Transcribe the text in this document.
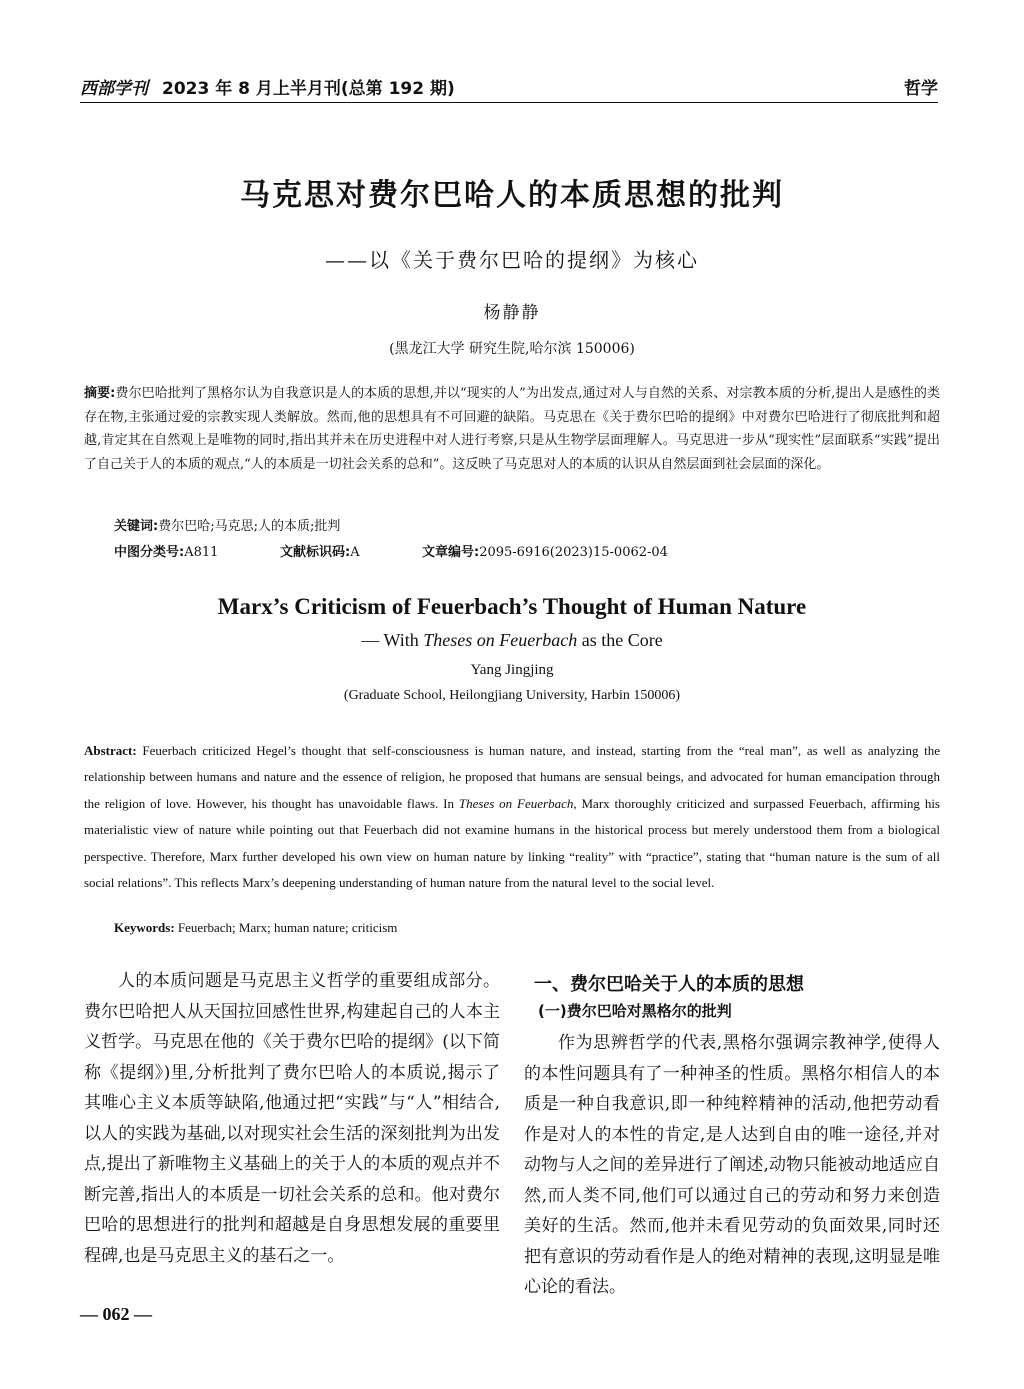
西部学刊 2023 年 8 月上半月刊(总第 192 期)	哲学
马克思对费尔巴哈人的本质思想的批判
——以《关于费尔巴哈的提纲》为核心
杨静静
(黑龙江大学 研究生院,哈尔滨 150006)
摘要:费尔巴哈批判了黑格尔认为自我意识是人的本质的思想,并以“现实的人”为出发点,通过对人与自然的关系、对宗教本质的分析,提出人是感性的类存在物,主张通过爱的宗教实现人类解放。然而,他的思想具有不可回避的缺陷。马克思在《关于费尔巴哈的提纲》中对费尔巴哈进行了彻底批判和超越,肯定其在自然观上是唯物的同时,指出其并未在历史进程中对人进行考察,只是从生物学层面理解人。马克思进一步从“现实性”层面联系“实践”提出了自己关于人的本质的观点,“人的本质是一切社会关系的总和”。这反映了马克思对人的本质的认识从自然层面到社会层面的深化。
关键词:费尔巴哈;马克思;人的本质;批判
中图分类号:A811	文献标识码:A	文章编号:2095-6916(2023)15-0062-04
Marx’s Criticism of Feuerbach’s Thought of Human Nature
— With Theses on Feuerbach as the Core
Yang Jingjing
(Graduate School, Heilongjiang University, Harbin 150006)
Abstract: Feuerbach criticized Hegel’s thought that self-consciousness is human nature, and instead, starting from the “real man”, as well as analyzing the relationship between humans and nature and the essence of religion, he proposed that humans are sensual beings, and advocated for human emancipation through the religion of love. However, his thought has unavoidable flaws. In Theses on Feuerbach, Marx thoroughly criticized and surpassed Feuerbach, affirming his materialistic view of nature while pointing out that Feuerbach did not examine humans in the historical process but merely understood them from a biological perspective. Therefore, Marx further developed his own view on human nature by linking “reality” with “practice”, stating that “human nature is the sum of all social relations”. This reflects Marx’s deepening understanding of human nature from the natural level to the social level.
Keywords: Feuerbach; Marx; human nature; criticism
人的本质问题是马克思主义哲学的重要组成部分。费尔巴哈把人从天国拉回感性世界,构建起自己的人本主义哲学。马克思在他的《关于费尔巴哈的提纲》(以下简称《提纲》)里,分析批判了费尔巴哈人的本质说,揭示了其唯心主义本质等缺陷,他通过把“实践”与“人”相结合,以人的实践为基础,以对现实社会生活的深刻批判为出发点,提出了新唯物主义基础上的关于人的本质的观点并不断完善,指出人的本质是一切社会关系的总和。他对费尔巴哈的思想进行的批判和超越是自身思想发展的重要里程碑,也是马克思主义的基石之一。
一、费尔巴哈关于人的本质的思想
(一)费尔巴哈对黑格尔的批判
作为思辨哲学的代表,黑格尔强调宗教神学,使得人的本性问题具有了一种神圣的性质。黑格尔相信人的本质是一种自我意识,即一种纯粹精神的活动,他把劳动看作是对人的本性的肯定,是人达到自由的唯一途径,并对动物与人之间的差异进行了阐述,动物只能被动地适应自然,而人类不同,他们可以通过自己的劳动和努力来创造美好的生活。然而,他并未看见劳动的负面效果,同时还把有意识的劳动看作是人的绝对精神的表现,这明显是唯心论的看法。
— 062 —
